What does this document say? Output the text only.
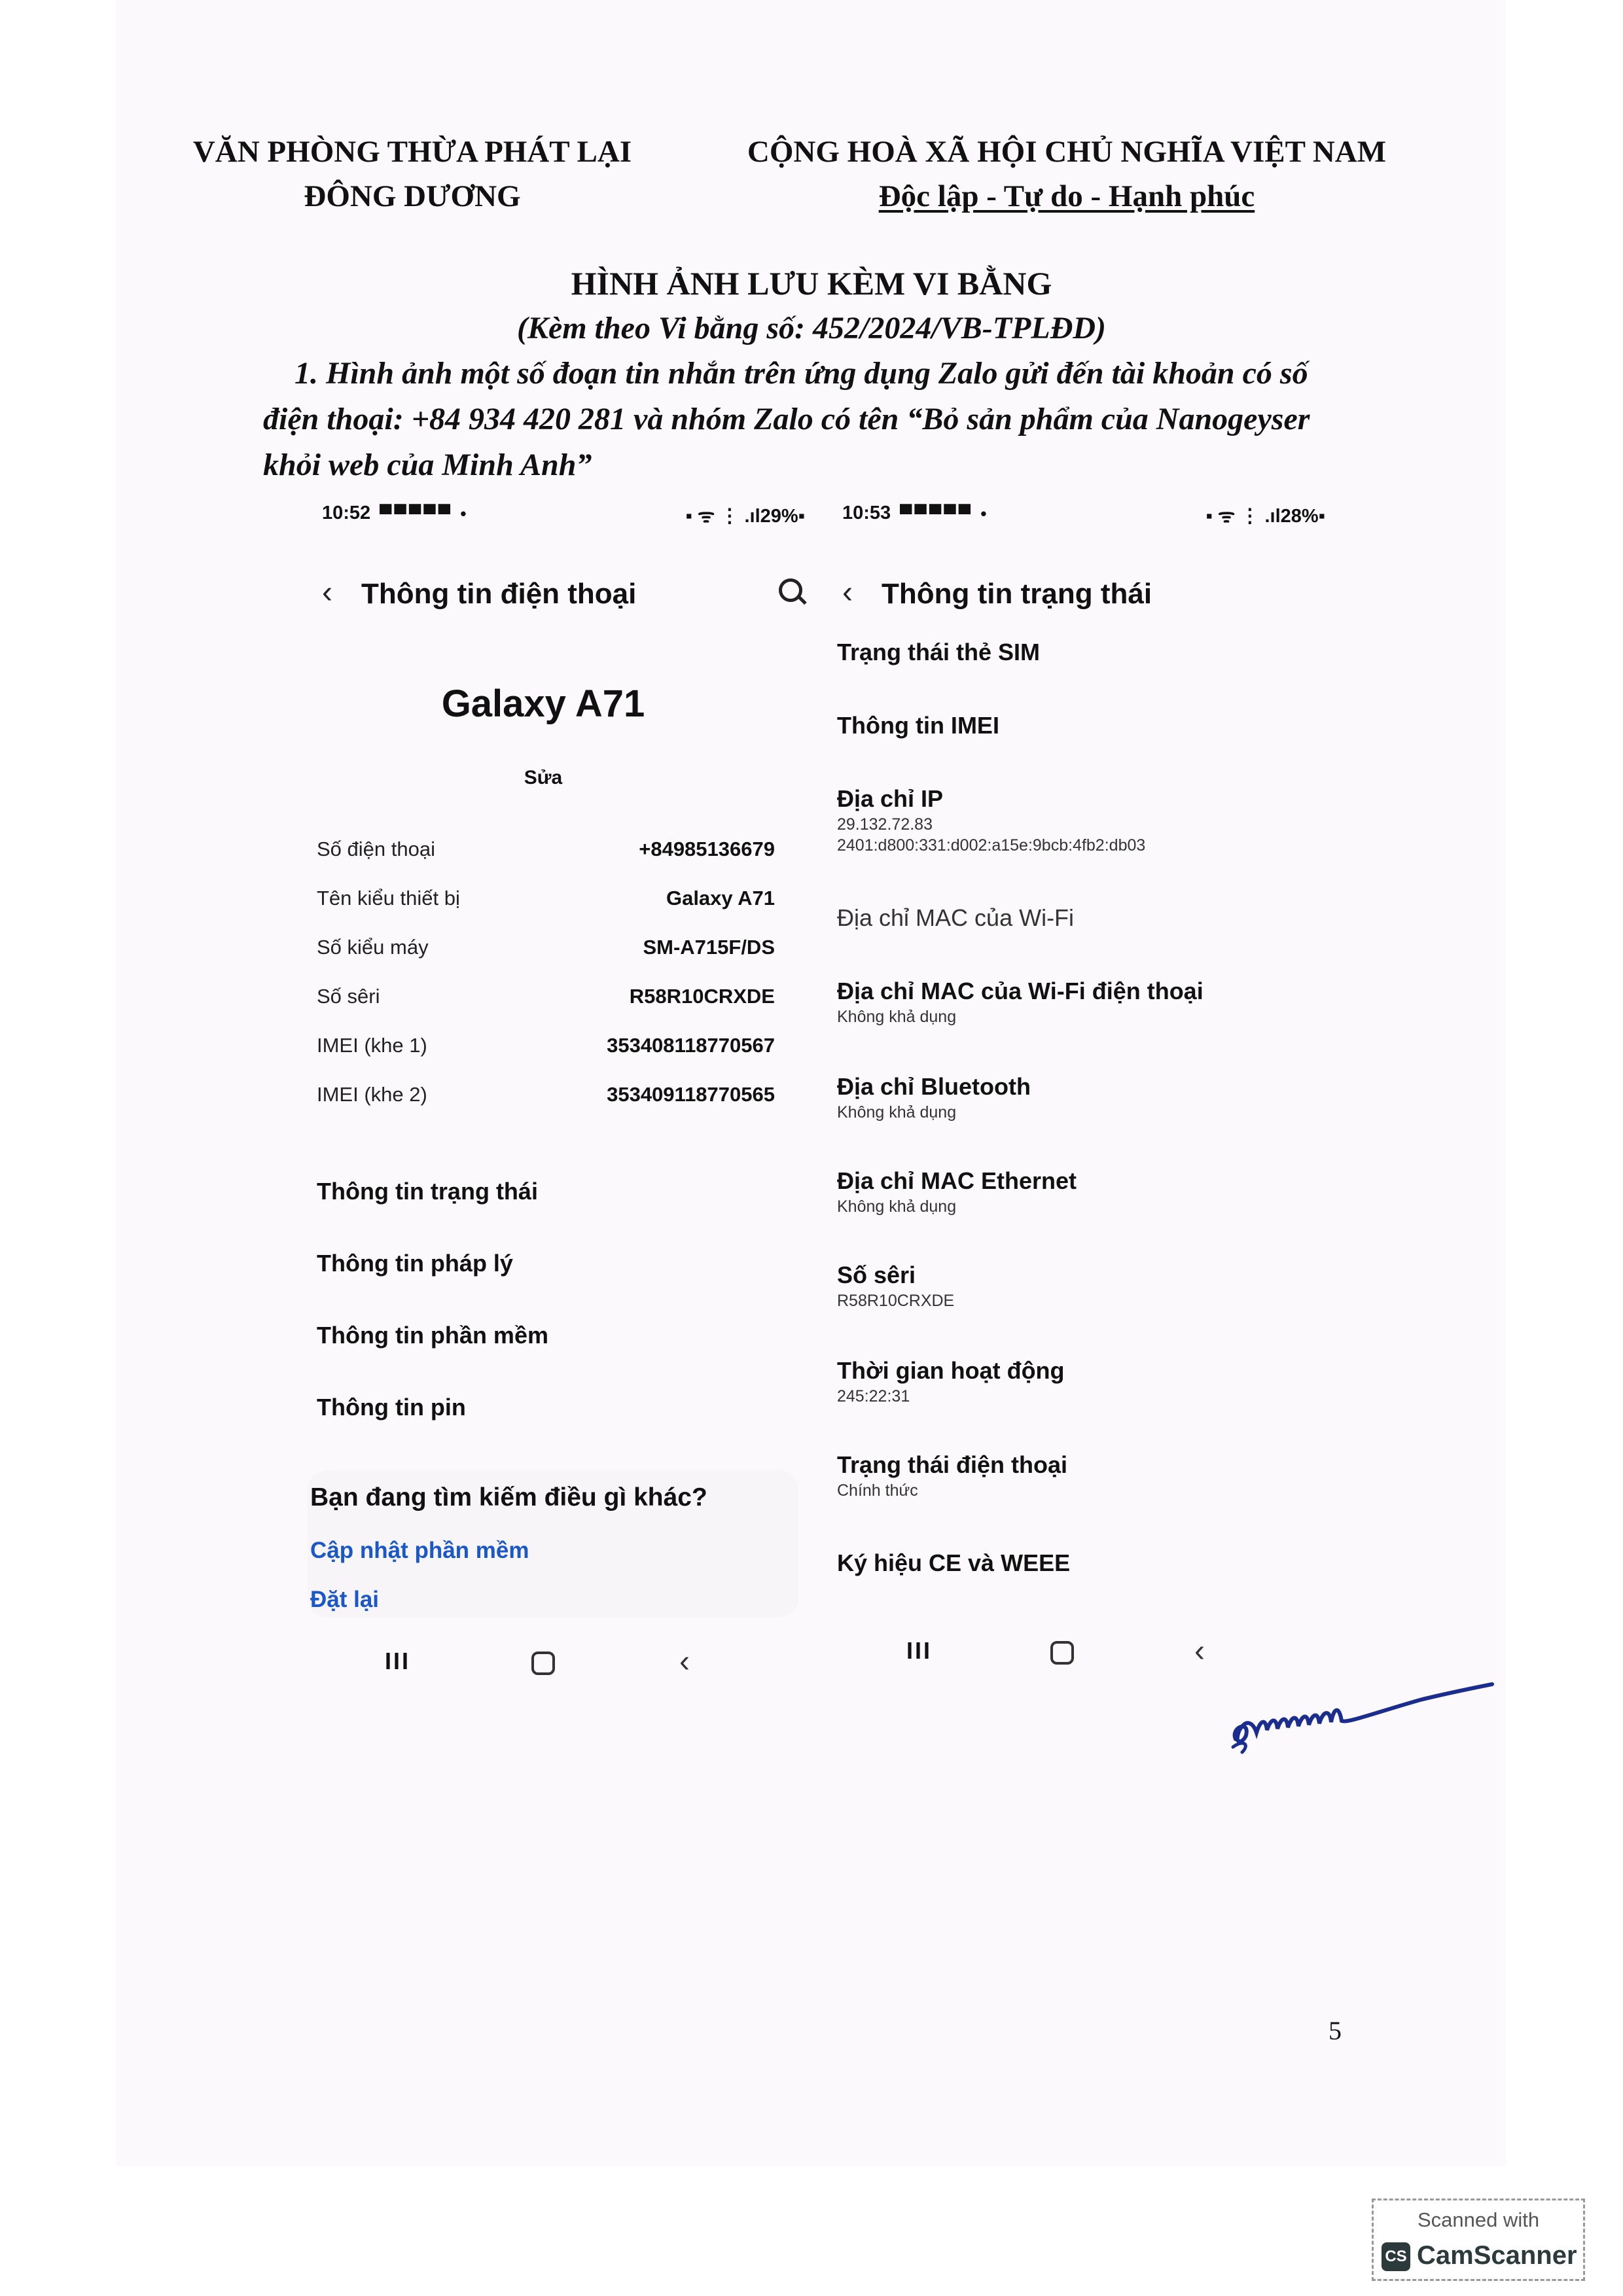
VĂN PHÒNG THỪA PHÁT LẠI
ĐÔNG DƯƠNG
CỘNG HOÀ XÃ HỘI CHỦ NGHĨA VIỆT NAM
Độc lập - Tự do - Hạnh phúc
HÌNH ẢNH LƯU KÈM VI BẰNG
(Kèm theo Vi bằng số: 452/2024/VB-TPLĐD)
1. Hình ảnh một số đoạn tin nhắn trên ứng dụng Zalo gửi đến tài khoản có số điện thoại: +84 934 420 281 và nhóm Zalo có tên “Bỏ sản phẩm của Nanogeyser khỏi web của Minh Anh”
10:52 ▀▀▀▀▀ •	▪ ᯤ ⋮ .ıl29%▪
‹ Thông tin điện thoại
Galaxy A71
Sửa
Số điện thoại	+84985136679
Tên kiểu thiết bị	Galaxy A71
Số kiểu máy	SM-A715F/DS
Số sêri	R58R10CRXDE
IMEI (khe 1)	353408118770567
IMEI (khe 2)	353409118770565
Thông tin trạng thái
Thông tin pháp lý
Thông tin phần mềm
Thông tin pin
Bạn đang tìm kiếm điều gì khác?
Cập nhật phần mềm
Đặt lại
III	‹
10:53 ▀▀▀▀▀ •	▪ ᯤ ⋮ .ıl28%▪
‹ Thông tin trạng thái
Trạng thái thẻ SIM
Thông tin IMEI
Địa chỉ IP
29.132.72.83
2401:d800:331:d002:a15e:9bcb:4fb2:db03
Địa chỉ MAC của Wi-Fi
Địa chỉ MAC của Wi-Fi điện thoại
Không khả dụng
Địa chỉ Bluetooth
Không khả dụng
Địa chỉ MAC Ethernet
Không khả dụng
Số sêri
R58R10CRXDE
Thời gian hoạt động
245:22:31
Trạng thái điện thoại
Chính thức
Ký hiệu CE và WEEE
III	‹
5
Scanned with
CS CamScanner
